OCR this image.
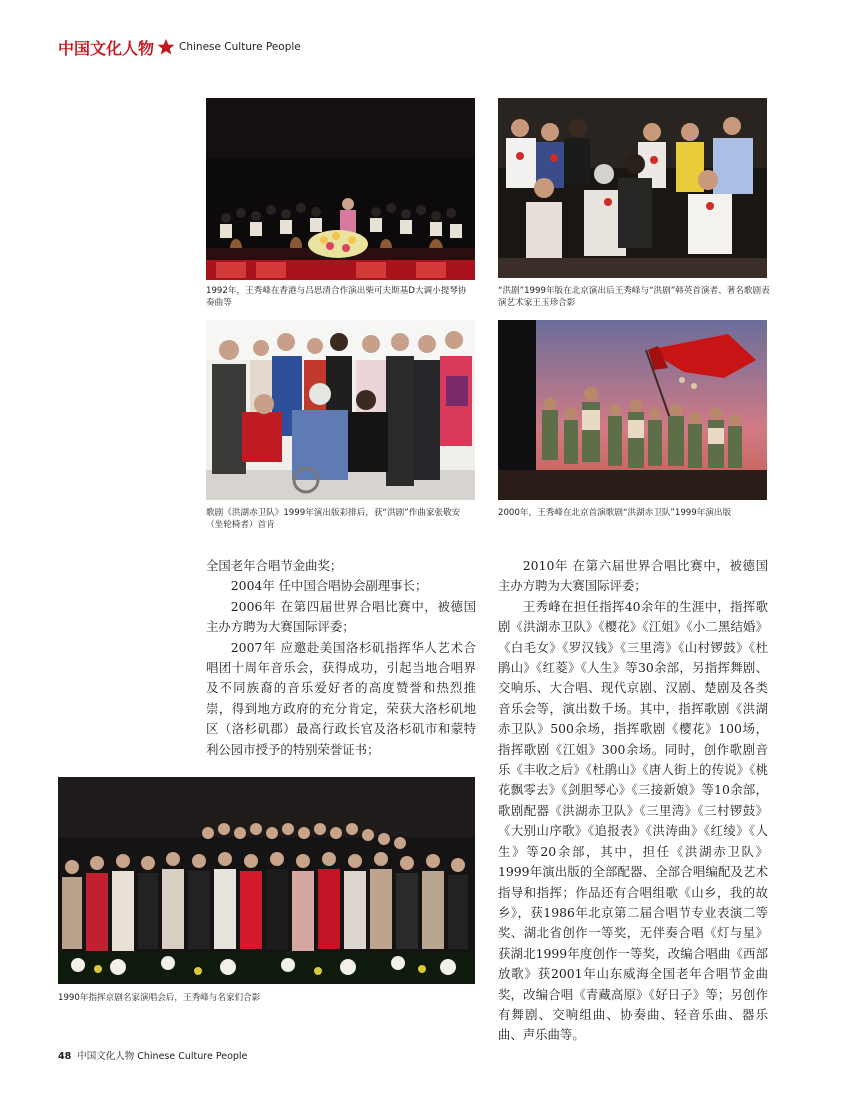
中国文化人物 Chinese Culture People

1992年，王秀峰在香港与吕思清合作演出柴可夫斯基D大调小提琴协奏曲等

“洪剧”1999年版在北京演出后王秀峰与“洪剧”韩英首演者、著名歌剧表演艺术家王玉珍合影

歌剧《洪湖赤卫队》1999年演出版彩排后，获“洪剧”作曲家张敬安（坐轮椅者）首肯

2000年，王秀峰在北京首演歌剧“洪湖赤卫队”1999年演出版

全国老年合唱节金曲奖；

2004年 任中国合唱协会副理事长；

2006年 在第四届世界合唱比赛中，被德国主办方聘为大赛国际评委；

2007年 应邀赴美国洛杉矶指挥华人艺术合唱团十周年音乐会，获得成功，引起当地合唱界及不同族裔的音乐爱好者的高度赞誉和热烈推崇，得到地方政府的充分肯定，荣获大洛杉矶地区（洛杉矶郡）最高行政长官及洛杉矶市和蒙特利公园市授予的特别荣誉证书；

2010年 在第六届世界合唱比赛中，被德国主办方聘为大赛国际评委；

王秀峰在担任指挥40余年的生涯中，指挥歌剧《洪湖赤卫队》《樱花》《江姐》《小二黑结婚》《白毛女》《罗汉钱》《三里湾》《山村锣鼓》《杜鹃山》《红菱》《人生》等30余部，另指挥舞剧、交响乐、大合唱、现代京剧、汉剧、楚剧及各类音乐会等，演出数千场。其中，指挥歌剧《洪湖赤卫队》500余场，指挥歌剧《樱花》100场，指挥歌剧《江姐》300余场。同时，创作歌剧音乐《丰收之后》《杜鹃山》《唐人街上的传说》《桃花飘零去》《剑胆琴心》《三接新娘》等10余部，歌剧配器《洪湖赤卫队》《三里湾》《三村锣鼓》《大别山序歌》《追报表》《洪涛曲》《红绫》《人生》等20余部，其中，担任《洪湖赤卫队》1999年演出版的全部配器、全部合唱编配及艺术指导和指挥；作品还有合唱组歌《山乡，我的故乡》，获1986年北京第二届合唱节专业表演二等奖、湖北省创作一等奖，无伴奏合唱《灯与星》获湖北1999年度创作一等奖，改编合唱曲《西部放歌》获2001年山东威海全国老年合唱节金曲奖，改编合唱《青藏高原》《好日子》等；另创作有舞剧、交响组曲、协奏曲、轻音乐曲、器乐曲、声乐曲等。

1990年指挥京剧名家演唱会后，王秀峰与名家们合影

48 中国文化人物 Chinese Culture People
